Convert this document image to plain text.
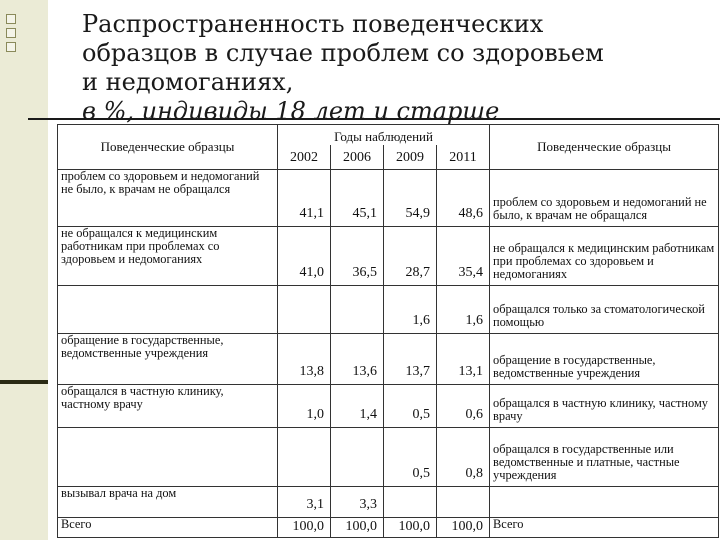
Распространенность поведенческих
образцов в случае проблем со здоровьем
и недомоганиях,
в %, индивиды 18 лет и старше
Поведенческие образцы	Годы наблюдений				Поведенческие образцы
	2002	2006	2009	2011	
проблем со здоровьем и недомоганий не было, к врачам не обращался	41,1	45,1	54,9	48,6	проблем со здоровьем и недомоганий не было, к врачам не обращался
не обращался к медицинским работникам при проблемах со здоровьем и недомоганиях	41,0	36,5	28,7	35,4	не обращался к медицинским работникам при проблемах со здоровьем и недомоганиях
			1,6	1,6	обращался только за стоматологической помощью
обращение в государственные, ведомственные учреждения	13,8	13,6	13,7	13,1	обращение в государственные, ведомственные учреждения
обращался в частную клинику, частному врачу	1,0	1,4	0,5	0,6	обращался в частную клинику, частному врачу
			0,5	0,8	обращался в государственные или ведомственные и платные, частные учреждения
вызывал врача на дом	3,1	3,3			
Всего	100,0	100,0	100,0	100,0	Всего
